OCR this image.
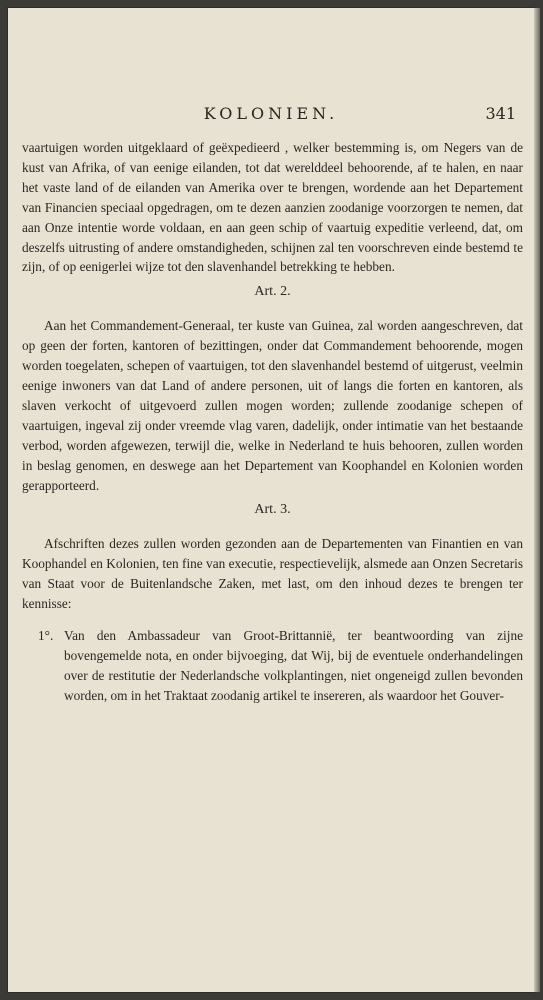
KOLONIEN.	341

vaartuigen worden uitgeklaard of geëxpedieerd , welker bestemming is, om Negers van de kust van Afrika, of van eenige eilanden, tot dat werelddeel behoorende, af te halen, en naar het vaste land of de eilanden van Amerika over te brengen, wordende aan het Departement van Financien speciaal opgedragen, om te dezen aanzien zoodanige voorzorgen te nemen, dat aan Onze intentie worde voldaan, en aan geen schip of vaartuig expeditie verleend, dat, om deszelfs uitrusting of andere omstandigheden, schijnen zal ten voorschreven einde bestemd te zijn, of op eenigerlei wijze tot den slavenhandel betrekking te hebben.

Art. 2.

Aan het Commandement-Generaal, ter kuste van Guinea, zal worden aangeschreven, dat op geen der forten, kantoren of bezittingen, onder dat Commandement behoorende, mogen worden toegelaten, schepen of vaartuigen, tot den slavenhandel bestemd of uitgerust, veelmin eenige inwoners van dat Land of andere personen, uit of langs die forten en kantoren, als slaven verkocht of uitgevoerd zullen mogen worden; zullende zoodanige schepen of vaartuigen, ingeval zij onder vreemde vlag varen, dadelijk, onder intimatie van het bestaande verbod, worden afgewezen, terwijl die, welke in Nederland te huis behooren, zullen worden in beslag genomen, en deswege aan het Departement van Koophandel en Kolonien worden gerapporteerd.

Art. 3.

Afschriften dezes zullen worden gezonden aan de Departementen van Finantien en van Koophandel en Kolonien, ten fine van executie, respectievelijk, alsmede aan Onzen Secretaris van Staat voor de Buitenlandsche Zaken, met last, om den inhoud dezes te brengen ter kennisse:

1°. Van den Ambassadeur van Groot-Brittannië, ter beantwoording van zijne bovengemelde nota, en onder bijvoeging, dat Wij, bij de eventuele onderhandelingen over de restitutie der Nederlandsche volkplantingen, niet ongeneigd zullen bevonden worden, om in het Traktaat zoodanig artikel te insereren, als waardoor het Gouver-
